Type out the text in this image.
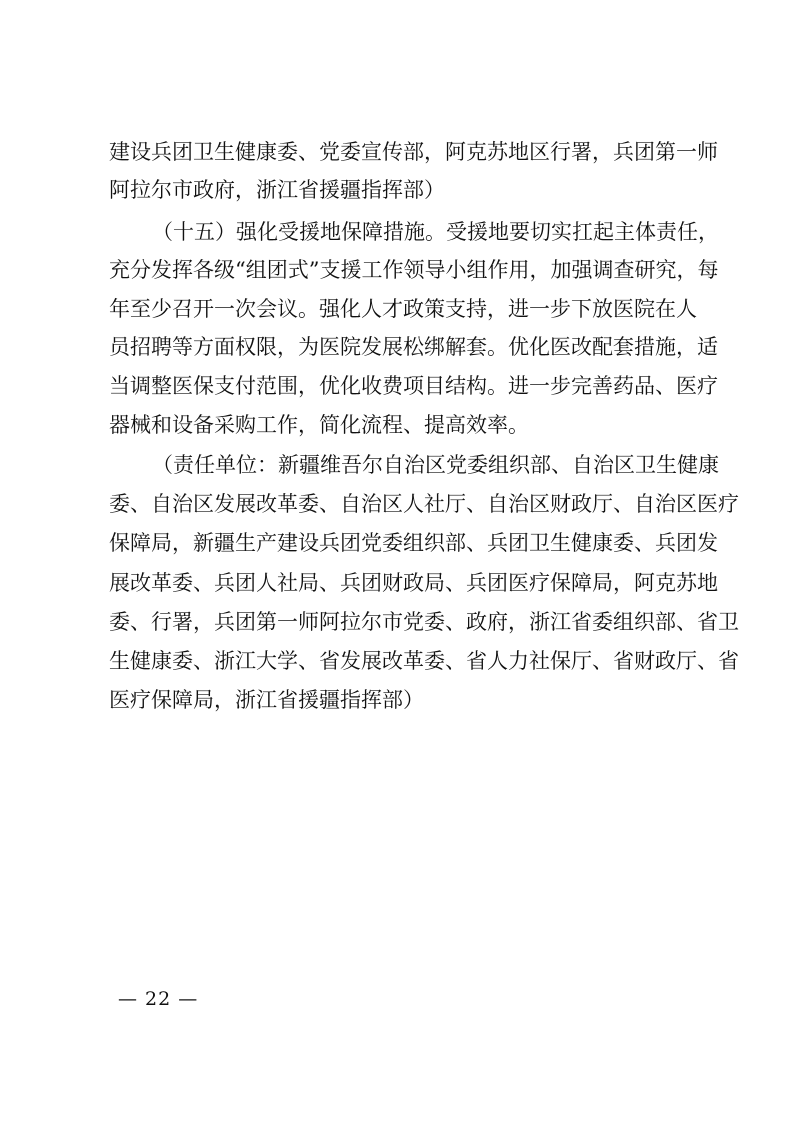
建设兵团卫生健康委、党委宣传部，阿克苏地区行署，兵团第一师
阿拉尔市政府，浙江省援疆指挥部）
（十五）强化受援地保障措施。受援地要切实扛起主体责任，
充分发挥各级“组团式”支援工作领导小组作用，加强调查研究，每
年至少召开一次会议。强化人才政策支持，进一步下放医院在人
员招聘等方面权限，为医院发展松绑解套。优化医改配套措施，适
当调整医保支付范围，优化收费项目结构。进一步完善药品、医疗
器械和设备采购工作，简化流程、提高效率。
（责任单位：新疆维吾尔自治区党委组织部、自治区卫生健康
委、自治区发展改革委、自治区人社厅、自治区财政厅、自治区医疗
保障局，新疆生产建设兵团党委组织部、兵团卫生健康委、兵团发
展改革委、兵团人社局、兵团财政局、兵团医疗保障局，阿克苏地
委、行署，兵团第一师阿拉尔市党委、政府，浙江省委组织部、省卫
生健康委、浙江大学、省发展改革委、省人力社保厅、省财政厅、省
医疗保障局，浙江省援疆指挥部）
— 22 —
